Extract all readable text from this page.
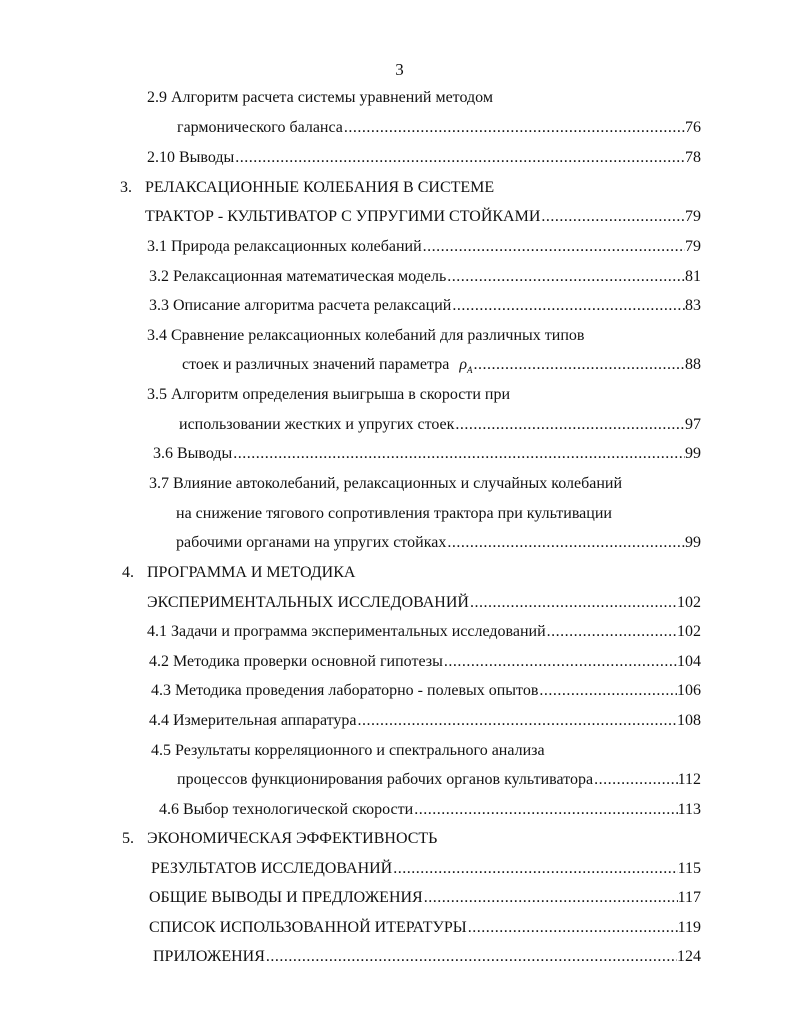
3
2.9 Алгоритм расчета системы уравнений методом
гармонического баланса .....	76
2.10 Выводы .....	78
3. РЕЛАКСАЦИОННЫЕ КОЛЕБАНИЯ В СИСТЕМЕ
ТРАКТОР - КУЛЬТИВАТОР С УПРУГИМИ СТОЙКАМИ .....	79
3.1 Природа релаксационных колебаний .....	79
3.2 Релаксационная математическая модель .....	81
3.3 Описание алгоритма расчета релаксаций .....	83
3.4 Сравнение релаксационных колебаний для различных типов
стоек и различных значений параметра $\rho_A$ .....	88
3.5 Алгоритм определения выигрыша в скорости при
использовании жестких и упругих стоек .....	97
3.6 Выводы .....	99
3.7 Влияние автоколебаний, релаксационных и случайных колебаний
на снижение тягового сопротивления трактора при культивации
рабочими органами на упругих стойках .....	99
4. ПРОГРАММА И МЕТОДИКА
ЭКСПЕРИМЕНТАЛЬНЫХ ИССЛЕДОВАНИЙ .....	102
4.1 Задачи и программа экспериментальных исследований .....	102
4.2 Методика проверки основной гипотезы .....	104
4.3 Методика проведения лабораторно - полевых опытов .....	106
4.4 Измерительная аппаратура .....	108
4.5 Результаты корреляционного и спектрального анализа
процессов функционирования рабочих органов культиватора .....	112
4.6 Выбор технологической скорости .....	113
5. ЭКОНОМИЧЕСКАЯ ЭФФЕКТИВНОСТЬ
РЕЗУЛЬТАТОВ ИССЛЕДОВАНИЙ .....	115
ОБЩИЕ ВЫВОДЫ И ПРЕДЛОЖЕНИЯ .....	117
СПИСОК ИСПОЛЬЗОВАННОЙ ИТЕРАТУРЫ .....	119
ПРИЛОЖЕНИЯ .....	124
